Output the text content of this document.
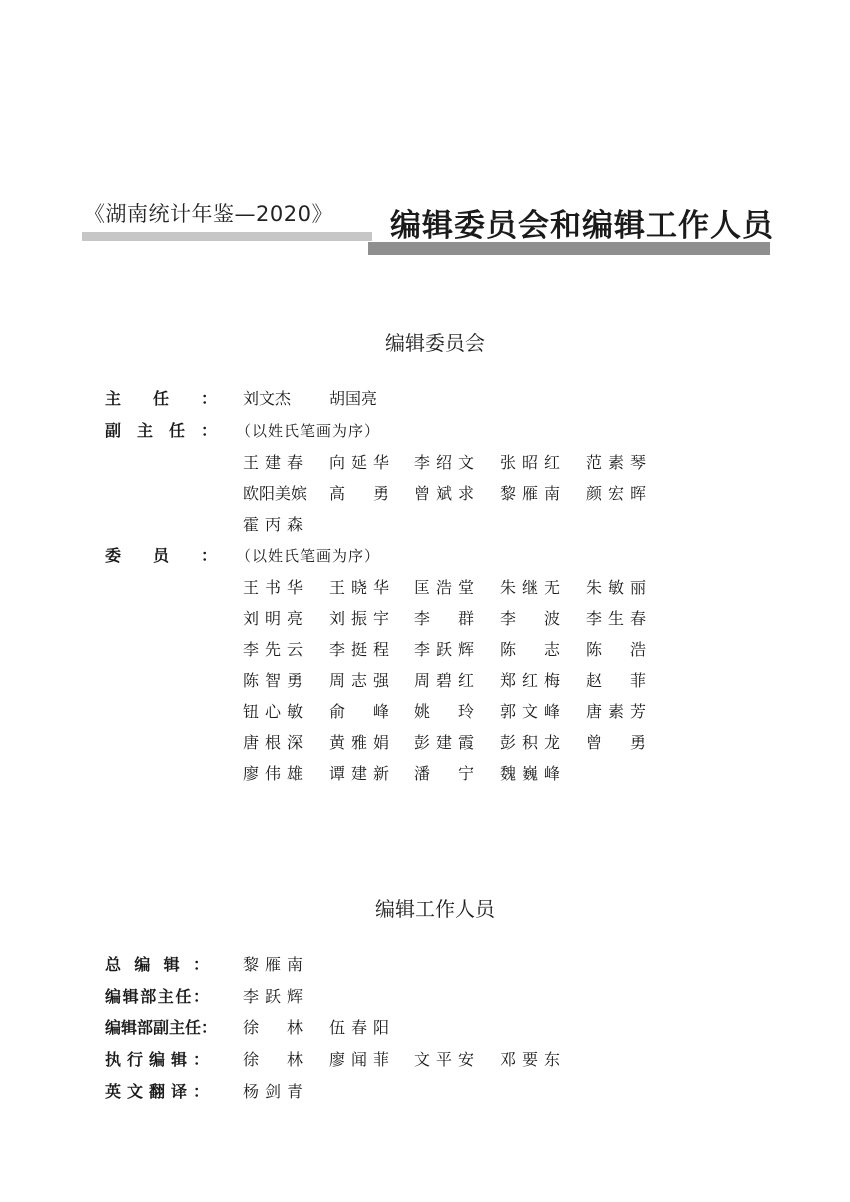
《湖南统计年鉴—2020》 编辑委员会和编辑工作人员
编辑委员会
主任： 刘文杰	胡国亮
副主任： （以姓氏笔画为序）
王建春 向延华 李绍文 张昭红 范素琴
欧阳美嫔 高　勇 曾斌求 黎雁南 颜宏晖
霍丙森
委员： （以姓氏笔画为序）
王书华 王晓华 匡浩堂 朱继无 朱敏丽
刘明亮 刘振宇 李　群 李　波 李生春
李先云 李挺程 李跃辉 陈　志 陈　浩
陈智勇 周志强 周碧红 郑红梅 赵　菲
钮心敏 俞　峰 姚　玲 郭文峰 唐素芳
唐根深 黄雅娟 彭建霞 彭积龙 曾　勇
廖伟雄 谭建新 潘　宁 魏巍峰
编辑工作人员
总编辑： 黎雁南
编辑部主任： 李跃辉
编辑部副主任： 徐　林 伍春阳
执行编辑： 徐　林 廖闻菲 文平安 邓要东
英文翻译： 杨剑青
